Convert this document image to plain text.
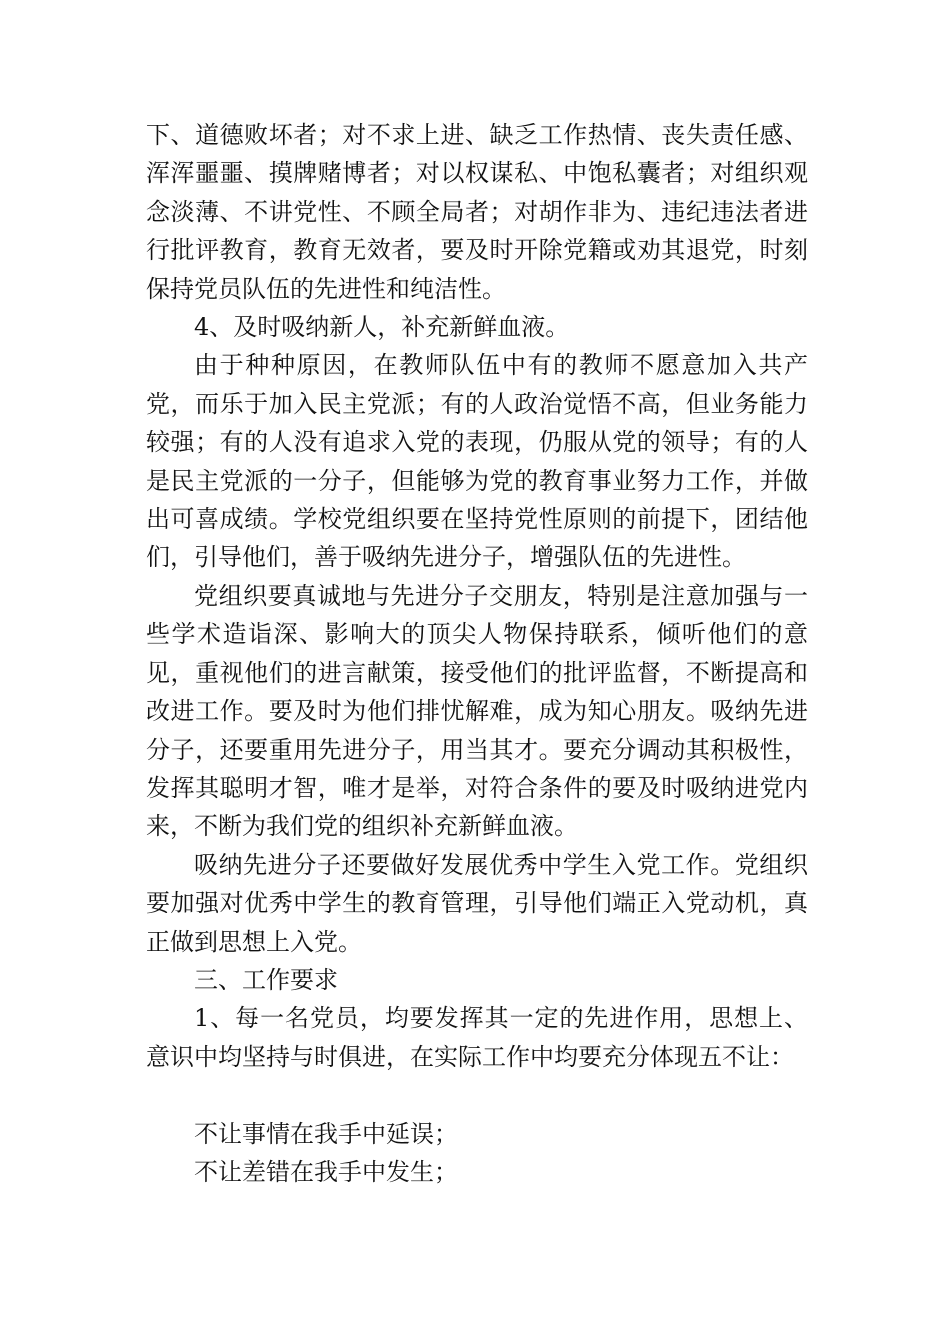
下、道德败坏者；对不求上进、缺乏工作热情、丧失责任感、浑浑噩噩、摸牌赌博者；对以权谋私、中饱私囊者；对组织观念淡薄、不讲党性、不顾全局者；对胡作非为、违纪违法者进行批评教育，教育无效者，要及时开除党籍或劝其退党，时刻保持党员队伍的先进性和纯洁性。

4、及时吸纳新人，补充新鲜血液。

由于种种原因，在教师队伍中有的教师不愿意加入共产党，而乐于加入民主党派；有的人政治觉悟不高，但业务能力较强；有的人没有追求入党的表现，仍服从党的领导；有的人是民主党派的一分子，但能够为党的教育事业努力工作，并做出可喜成绩。学校党组织要在坚持党性原则的前提下，团结他们，引导他们，善于吸纳先进分子，增强队伍的先进性。

党组织要真诚地与先进分子交朋友，特别是注意加强与一些学术造诣深、影响大的顶尖人物保持联系，倾听他们的意见，重视他们的进言献策，接受他们的批评监督，不断提高和改进工作。要及时为他们排忧解难，成为知心朋友。吸纳先进分子，还要重用先进分子，用当其才。要充分调动其积极性，发挥其聪明才智，唯才是举，对符合条件的要及时吸纳进党内来，不断为我们党的组织补充新鲜血液。

吸纳先进分子还要做好发展优秀中学生入党工作。党组织要加强对优秀中学生的教育管理，引导他们端正入党动机，真正做到思想上入党。

三、工作要求

1、每一名党员，均要发挥其一定的先进作用，思想上、意识中均坚持与时俱进，在实际工作中均要充分体现五不让：

不让事情在我手中延误；

不让差错在我手中发生；
